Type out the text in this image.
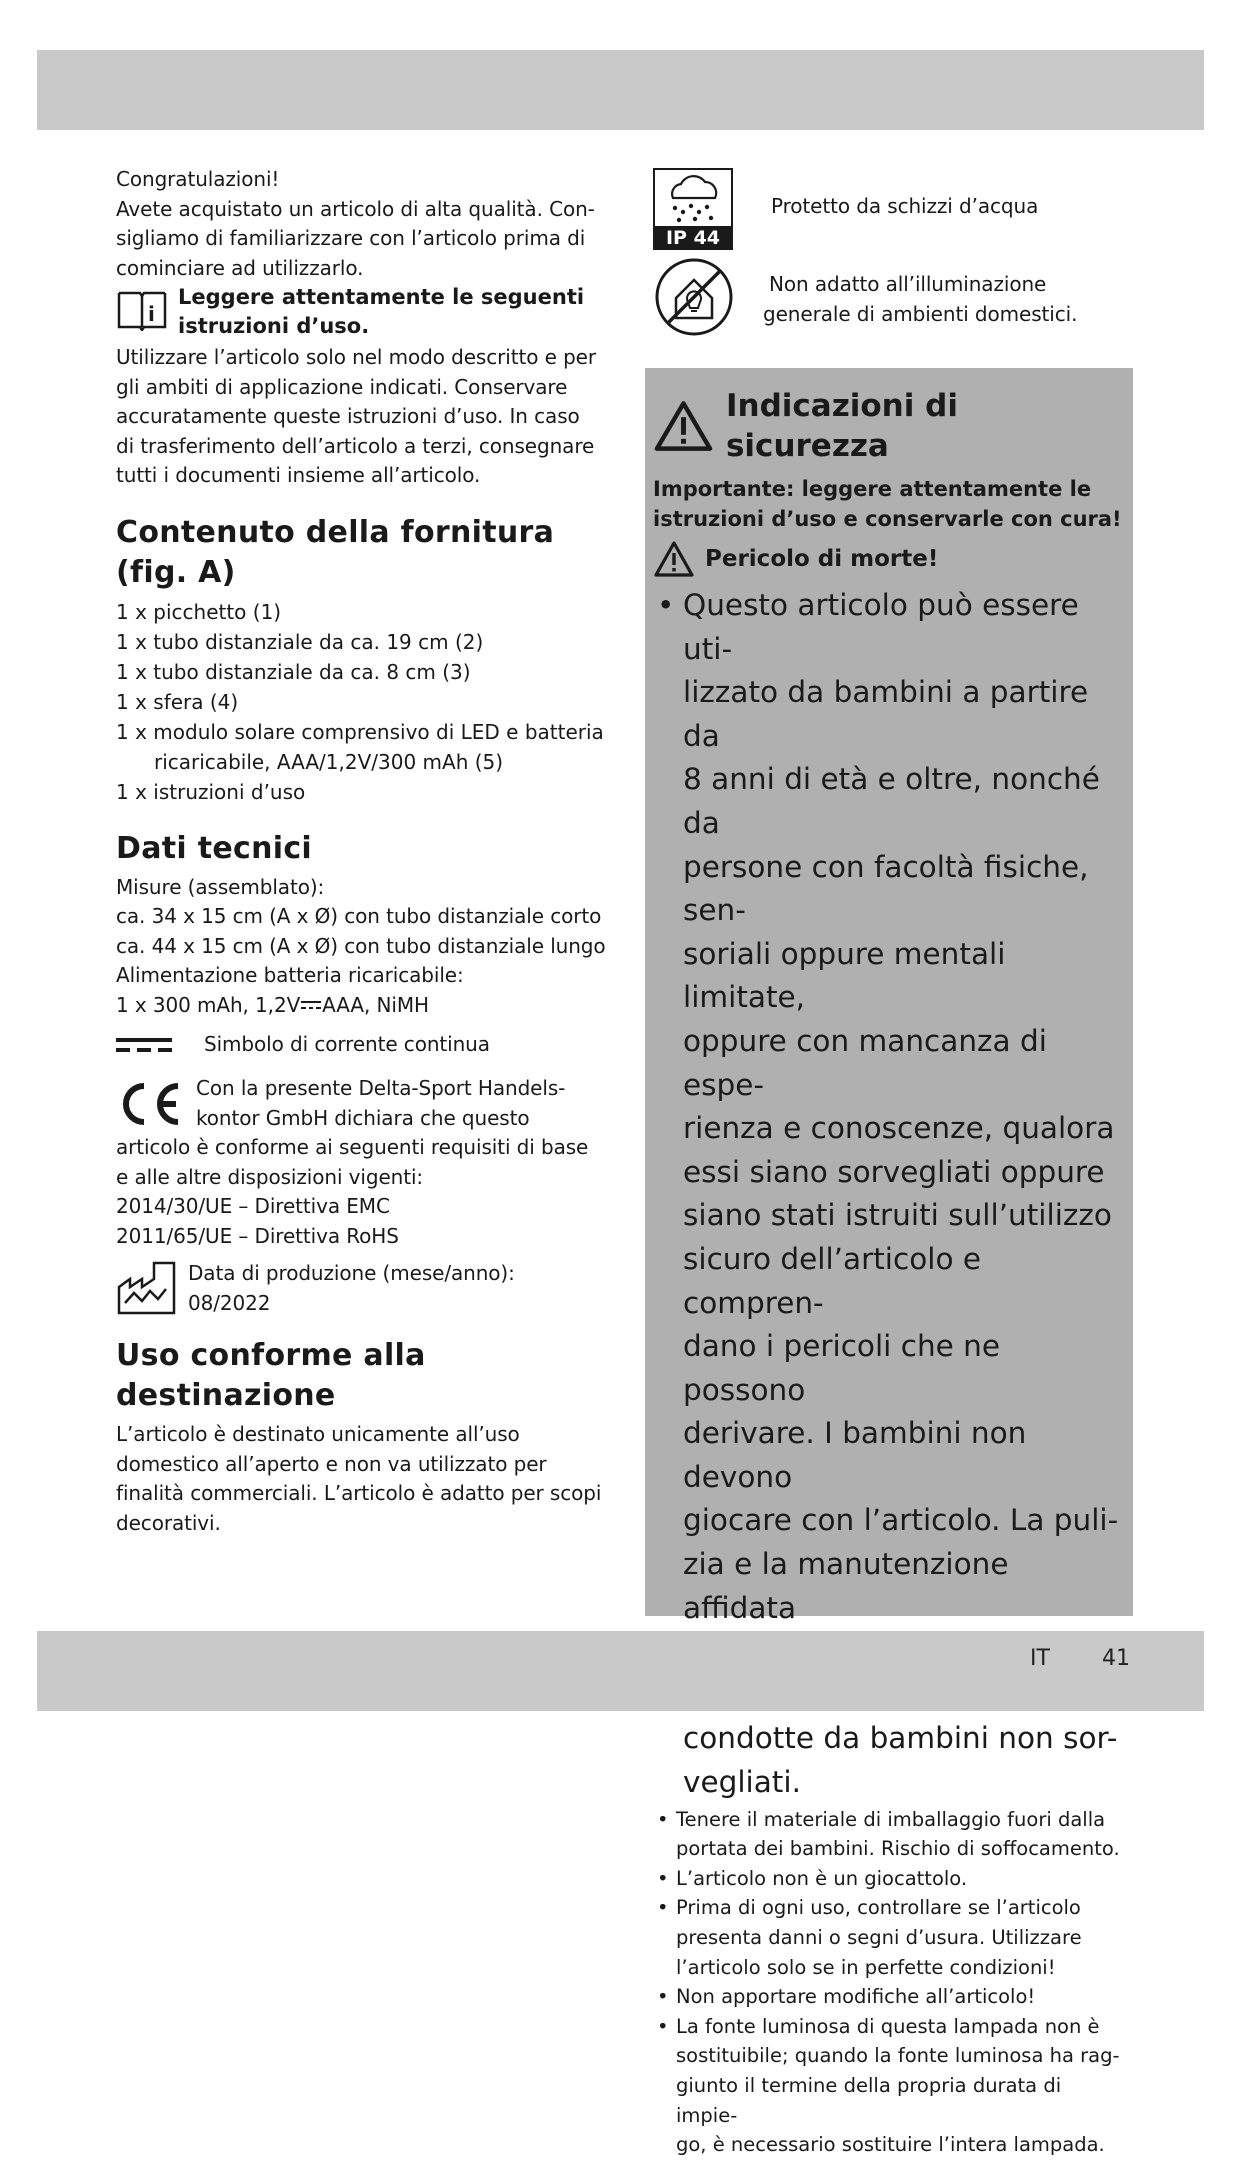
Congratulazioni!

Avete acquistato un articolo di alta qualità. Con-

sigliamo di familiarizzare con l’articolo prima di

cominciare ad utilizzarlo.

i

Leggere attentamente le seguenti

istruzioni d’uso.

Utilizzare l’articolo solo nel modo descritto e per

gli ambiti di applicazione indicati. Conservare

accuratamente queste istruzioni d’uso. In caso

di trasferimento dell’articolo a terzi, consegnare

tutti i documenti insieme all’articolo.

Contenuto della fornitura

(fig. A)

1 x picchetto (1)

1 x tubo distanziale da ca. 19 cm (2)

1 x tubo distanziale da ca. 8 cm (3)

1 x sfera (4)

1 x modulo solare comprensivo di LED e batteria

ricaricabile, AAA/1,2V/300 mAh (5)

1 x istruzioni d’uso

Dati tecnici

Misure (assemblato):

ca. 34 x 15 cm (A x Ø) con tubo distanziale corto

ca. 44 x 15 cm (A x Ø) con tubo distanziale lungo

Alimentazione batteria ricaricabile:

1 x 300 mAh, 1,2V AAA, NiMH

Simbolo di corrente continua

Con la presente Delta-Sport Handels-

kontor GmbH dichiara che questo

articolo è conforme ai seguenti requisiti di base

e alle altre disposizioni vigenti:

2014/30/UE – Direttiva EMC

2011/65/UE – Direttiva RoHS

Data di produzione (mese/anno):

08/2022

Uso conforme alla

destinazione

L’articolo è destinato unicamente all’uso

domestico all’aperto e non va utilizzato per

finalità commerciali. L’articolo è adatto per scopi

decorativi.

IP 44
Protetto da schizzi d’acqua

Non adatto all’illuminazione

generale di ambienti domestici.

Indicazioni di sicurezza

Importante: leggere attentamente le

istruzioni d’uso e conservarle con cura!

Pericolo di morte!
• Questo articolo può essere uti-

lizzato da bambini a partire da

8 anni di età e oltre, nonché da

persone con facoltà fisiche, sen-

soriali oppure mentali limitate,

oppure con mancanza di espe-

rienza e conoscenze, qualora

essi siano sorvegliati oppure

siano stati istruiti sull’utilizzo

sicuro dell’articolo e compren-

dano i pericoli che ne possono

derivare. I bambini non devono

giocare con l’articolo. La puli-

zia e la manutenzione affidata

condotte da bambini non sor-

vegliati.

• Tenere il materiale di imballaggio fuori dalla

portata dei bambini. Rischio di soffocamento.

• L’articolo non è un giocattolo.

• Prima di ogni uso, controllare se l’articolo

presenta danni o segni d’usura. Utilizzare

l’articolo solo se in perfette condizioni!

• Non apportare modifiche all’articolo!

• La fonte luminosa di questa lampada non è

sostituibile; quando la fonte luminosa ha rag-

giunto il termine della propria durata di impie-

go, è necessario sostituire l’intera lampada.

IT 41
